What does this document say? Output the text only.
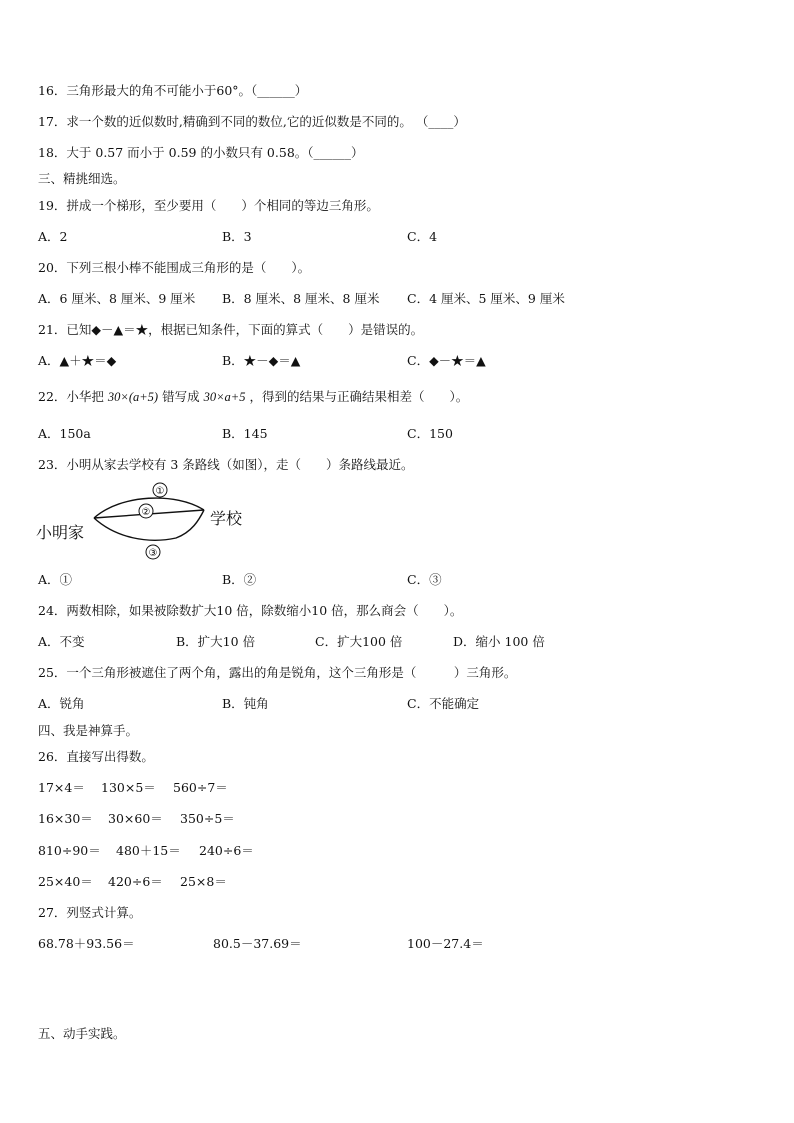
16．三角形最大的角不可能小于60°。（______）
17．求一个数的近似数时,精确到不同的数位,它的近似数是不同的。 （____）
18．大于 0.57 而小于 0.59 的小数只有 0.58。（______）
三、精挑细选。
19．拼成一个梯形，至少要用（　　）个相同的等边三角形。
A．2	B．3	C．4
20．下列三根小棒不能围成三角形的是（　　）。
A．6 厘米、8 厘米、9 厘米 B．8 厘米、8 厘米、8 厘米 C．4 厘米、5 厘米、9 厘米
21．已知◆－▲＝★，根据已知条件，下面的算式（　　）是错误的。
A．▲＋★＝◆	B．★－◆＝▲	C．◆－★＝▲
22．小华把 30×(a+5) 错写成 30×a+5 ，得到的结果与正确结果相差（　　）。
A．150a	B．145	C．150
23．小明从家去学校有 3 条路线（如图），走（　　）条路线最近。
①
②
③
小明家
学校
A．①	B．②	C．③
24．两数相除，如果被除数扩大10 倍，除数缩小10 倍，那么商会（　　）。
A．不变	B．扩大10 倍	C．扩大100 倍	D．缩小 100 倍
25．一个三角形被遮住了两个角，露出的角是锐角，这个三角形是（　　　）三角形。
A．锐角	B．钝角	C．不能确定
四、我是神算手。
26．直接写出得数。
17×4＝ 130×5＝ 560÷7＝
16×30＝ 30×60＝ 350÷5＝
810÷90＝ 480＋15＝ 240÷6＝
25×40＝ 420÷6＝ 25×8＝
27．列竖式计算。
68.78＋93.56＝	80.5－37.69＝	100－27.4＝
五、动手实践。
